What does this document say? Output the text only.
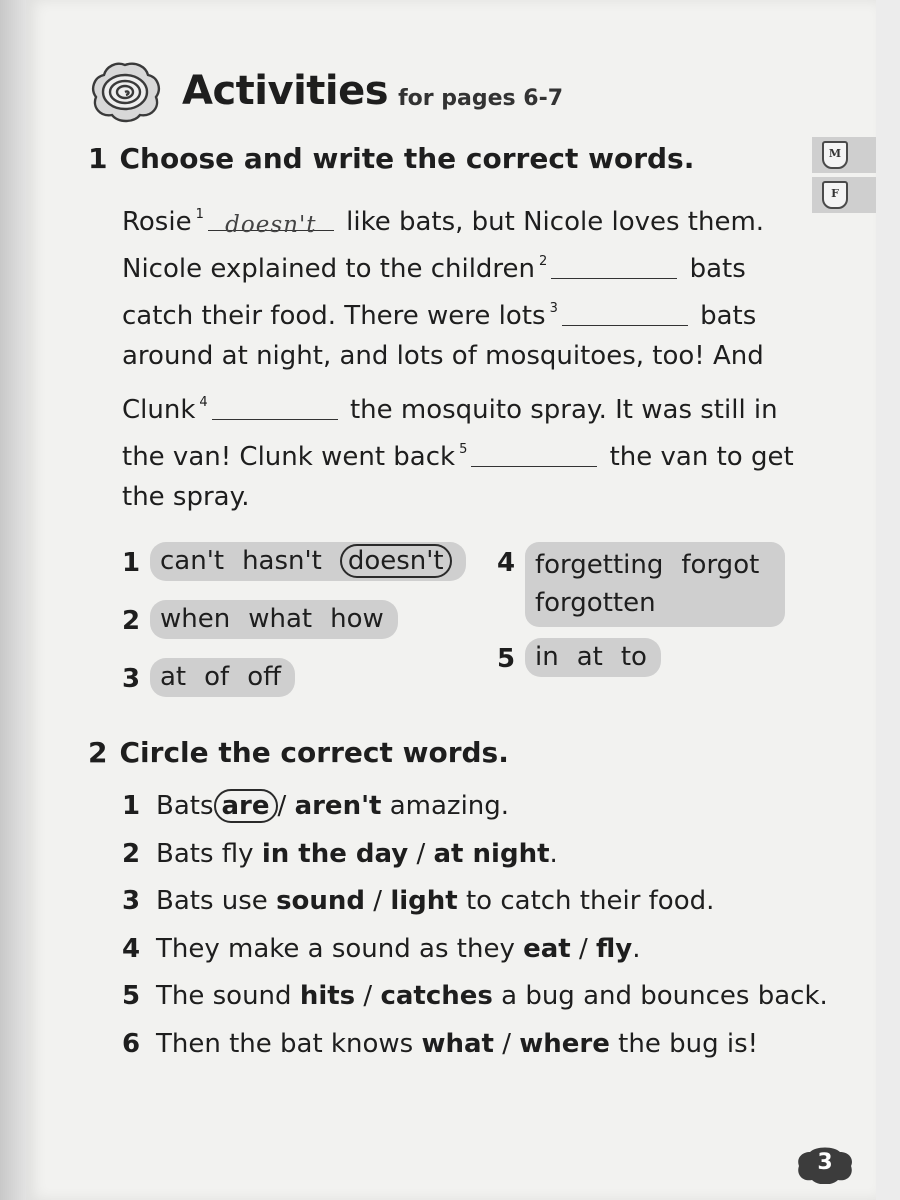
Activities for pages 6-7
M
F
1 Choose and write the correct words.
Rosie $^1$ doesn't like bats, but Nicole loves them.
Nicole explained to the children $^2$	bats
catch their food. There were lots $^3$	bats
around at night, and lots of mosquitoes, too! And
Clunk $^4$	the mosquito spray. It was still in
the van! Clunk went back $^5$	the van to get
the spray.
1 can't hasn't doesn't
2 when what how
3 at of off
4 forgetting forgot
forgotten
5 in at to
2 Circle the correct words.
1 Bats are / aren't amazing.
2 Bats fly in the day / at night.
3 Bats use sound / light to catch their food.
4 They make a sound as they eat / fly.
5 The sound hits / catches a bug and bounces back.
6 Then the bat knows what / where the bug is!
3
